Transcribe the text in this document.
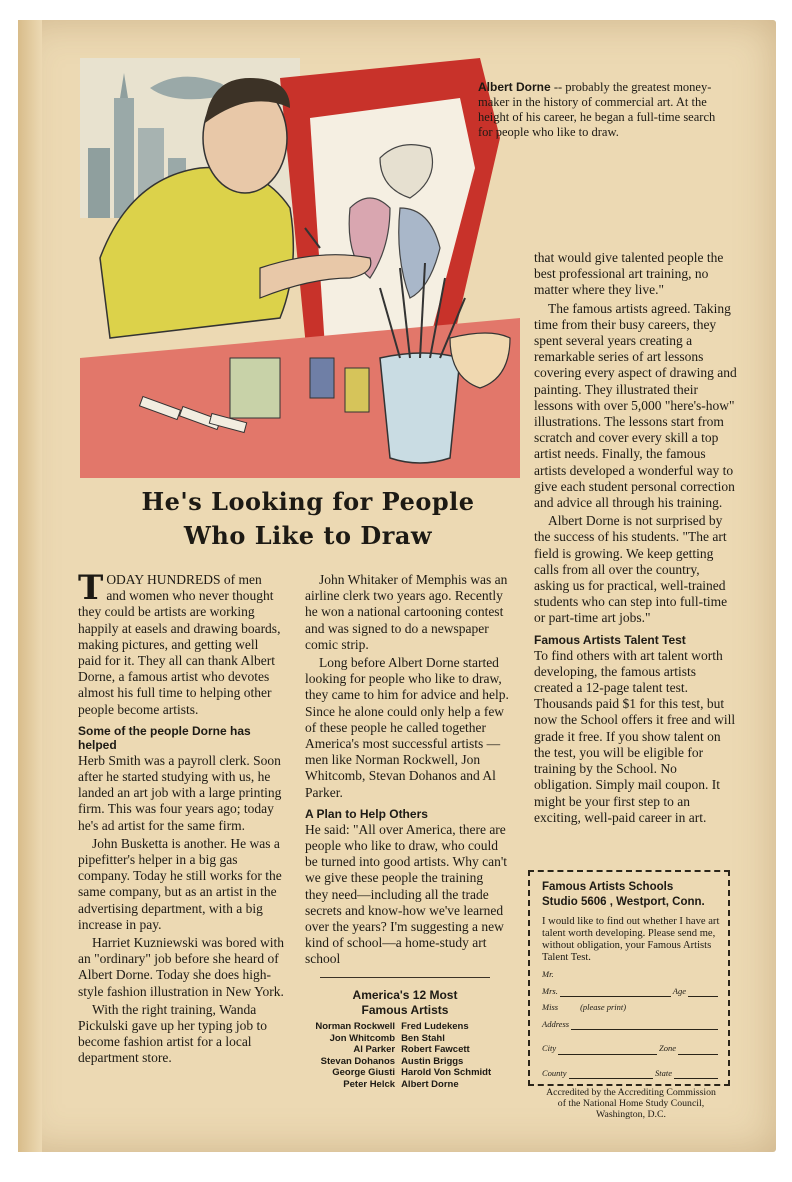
Albert Dorne -- probably the greatest money-maker in the history of commercial art. At the height of his career, he began a full-time search for people who like to draw.
He's Looking for People
Who Like to Draw

TODAY HUNDREDS of men and women who never thought they could be artists are working happily at easels and drawing boards, making pictures, and getting well paid for it. They all can thank Albert Dorne, a famous artist who devotes almost his full time to helping other people become artists.

Some of the people Dorne has helped

Herb Smith was a payroll clerk. Soon after he started studying with us, he landed an art job with a large printing firm. This was four years ago; today he's ad artist for the same firm.

John Busketta is another. He was a pipefitter's helper in a big gas company. Today he still works for the same company, but as an artist in the advertising department, with a big increase in pay.

Harriet Kuzniewski was bored with an "ordinary" job before she heard of Albert Dorne. Today she does high-style fashion illustration in New York.

With the right training, Wanda Pickulski gave up her typing job to become fashion artist for a local department store.

John Whitaker of Memphis was an airline clerk two years ago. Recently he won a national cartooning contest and was signed to do a newspaper comic strip.

Long before Albert Dorne started looking for people who like to draw, they came to him for advice and help. Since he alone could only help a few of these people he called together America's most successful artists —men like Norman Rockwell, Jon Whitcomb, Stevan Dohanos and Al Parker.

A Plan to Help Others

He said: "All over America, there are people who like to draw, who could be turned into good artists. Why can't we give these people the training they need—including all the trade secrets and know-how we've learned over the years? I'm suggesting a new kind of school—a home-study art school

America's 12 Most
Famous Artists
Norman Rockwell Fred Ludekens
Jon Whitcomb Ben Stahl
Al Parker Robert Fawcett
Stevan Dohanos Austin Briggs
George Giusti Harold Von Schmidt
Peter Helck Albert Dorne

that would give talented people the best professional art training, no matter where they live."

The famous artists agreed. Taking time from their busy careers, they spent several years creating a remarkable series of art lessons covering every aspect of drawing and painting. They illustrated their lessons with over 5,000 "here's-how" illustrations. The lessons start from scratch and cover every skill a top artist needs. Finally, the famous artists developed a wonderful way to give each student personal correction and advice all through his training.

Albert Dorne is not surprised by the success of his students. "The art field is growing. We keep getting calls from all over the country, asking us for practical, well-trained students who can step into full-time or part-time art jobs."

Famous Artists Talent Test

To find others with art talent worth developing, the famous artists created a 12-page talent test. Thousands paid $1 for this test, but now the School offers it free and will grade it free. If you show talent on the test, you will be eligible for training by the School. No obligation. Simply mail coupon. It might be your first step to an exciting, well-paid career in art.

Famous Artists Schools
Studio 5606 , Westport, Conn.
I would like to find out whether I have art talent worth developing. Please send me, without obligation, your Famous Artists Talent Test.
Mr.
Mrs.	Age
Miss	(please print)
Address
City	Zone
County	State
Accredited by the Accrediting Commission of the National Home Study Council, Washington, D.C.
